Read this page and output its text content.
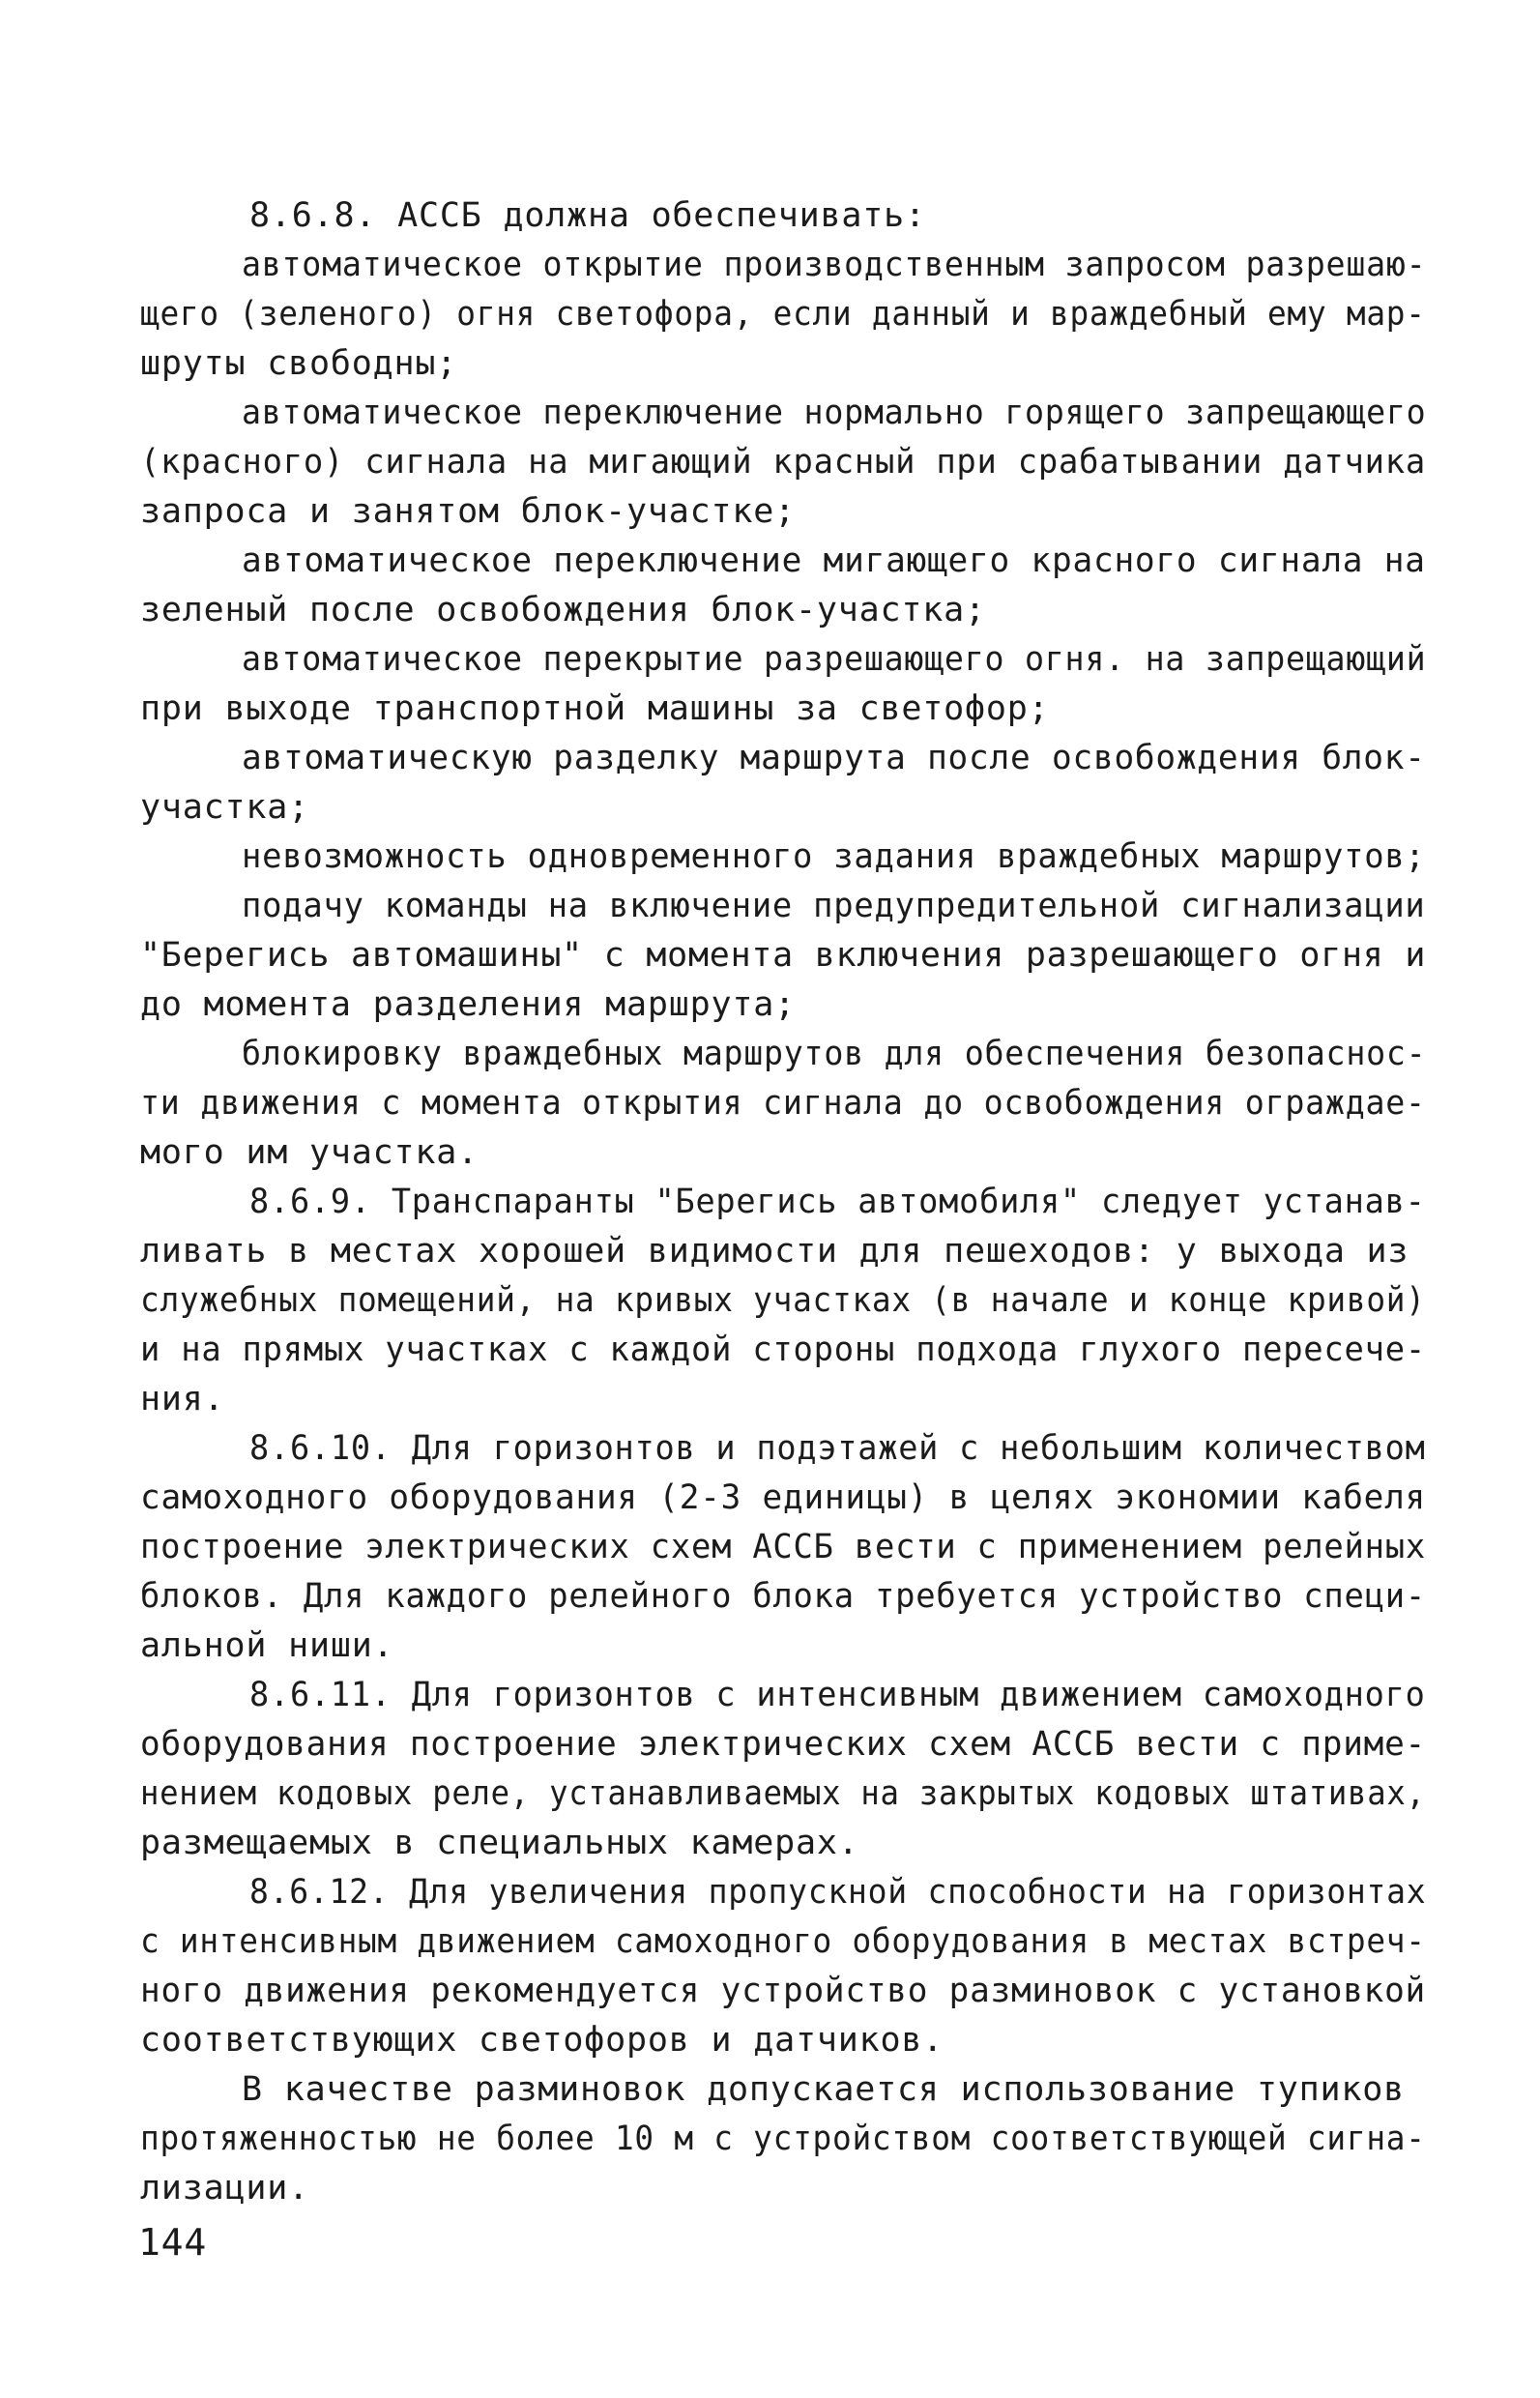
8.6.8. АССБ должна обеспечивать:
автоматическое открытие производственным запросом разрешаю-
щего (зеленого) огня светофора, если данный и враждебный ему мар-
шруты свободны;
автоматическое переключение нормально горящего запрещающего
(красного) сигнала на мигающий красный при срабатывании датчика
запроса и занятом блок-участке;
автоматическое переключение мигающего красного сигнала на
зеленый после освобождения блок-участка;
автоматическое перекрытие разрешающего огня. на запрещающий
при выходе транспортной машины за светофор;
автоматическую разделку маршрута после освобождения блок-
участка;
невозможность одновременного задания враждебных маршрутов;
подачу команды на включение предупредительной сигнализации
"Берегись автомашины" с момента включения разрешающего огня и
до момента разделения маршрута;
блокировку враждебных маршрутов для обеспечения безопаснос-
ти движения с момента открытия сигнала до освобождения ограждае-
мого им участка.
8.6.9. Транспаранты "Берегись автомобиля" следует устанав-
ливать в местах хорошей видимости для пешеходов: у выхода из
служебных помещений, на кривых участках (в начале и конце кривой)
и на прямых участках с каждой стороны подхода глухого пересече-
ния.
8.6.10. Для горизонтов и подэтажей с небольшим количеством
самоходного оборудования (2-3 единицы) в целях экономии кабеля
построение электрических схем АССБ вести с применением релейных
блоков. Для каждого релейного блока требуется устройство специ-
альной ниши.
8.6.11. Для горизонтов с интенсивным движением самоходного
оборудования построение электрических схем АССБ вести с приме-
нением кодовых реле, устанавливаемых на закрытых кодовых штативах,
размещаемых в специальных камерах.
8.6.12. Для увеличения пропускной способности на горизонтах
с интенсивным движением самоходного оборудования в местах встреч-
ного движения рекомендуется устройство разминовок с установкой
соответствующих светофоров и датчиков.
В качестве разминовок допускается использование тупиков
протяженностью не более 10 м с устройством соответствующей сигна-
лизации.
144
